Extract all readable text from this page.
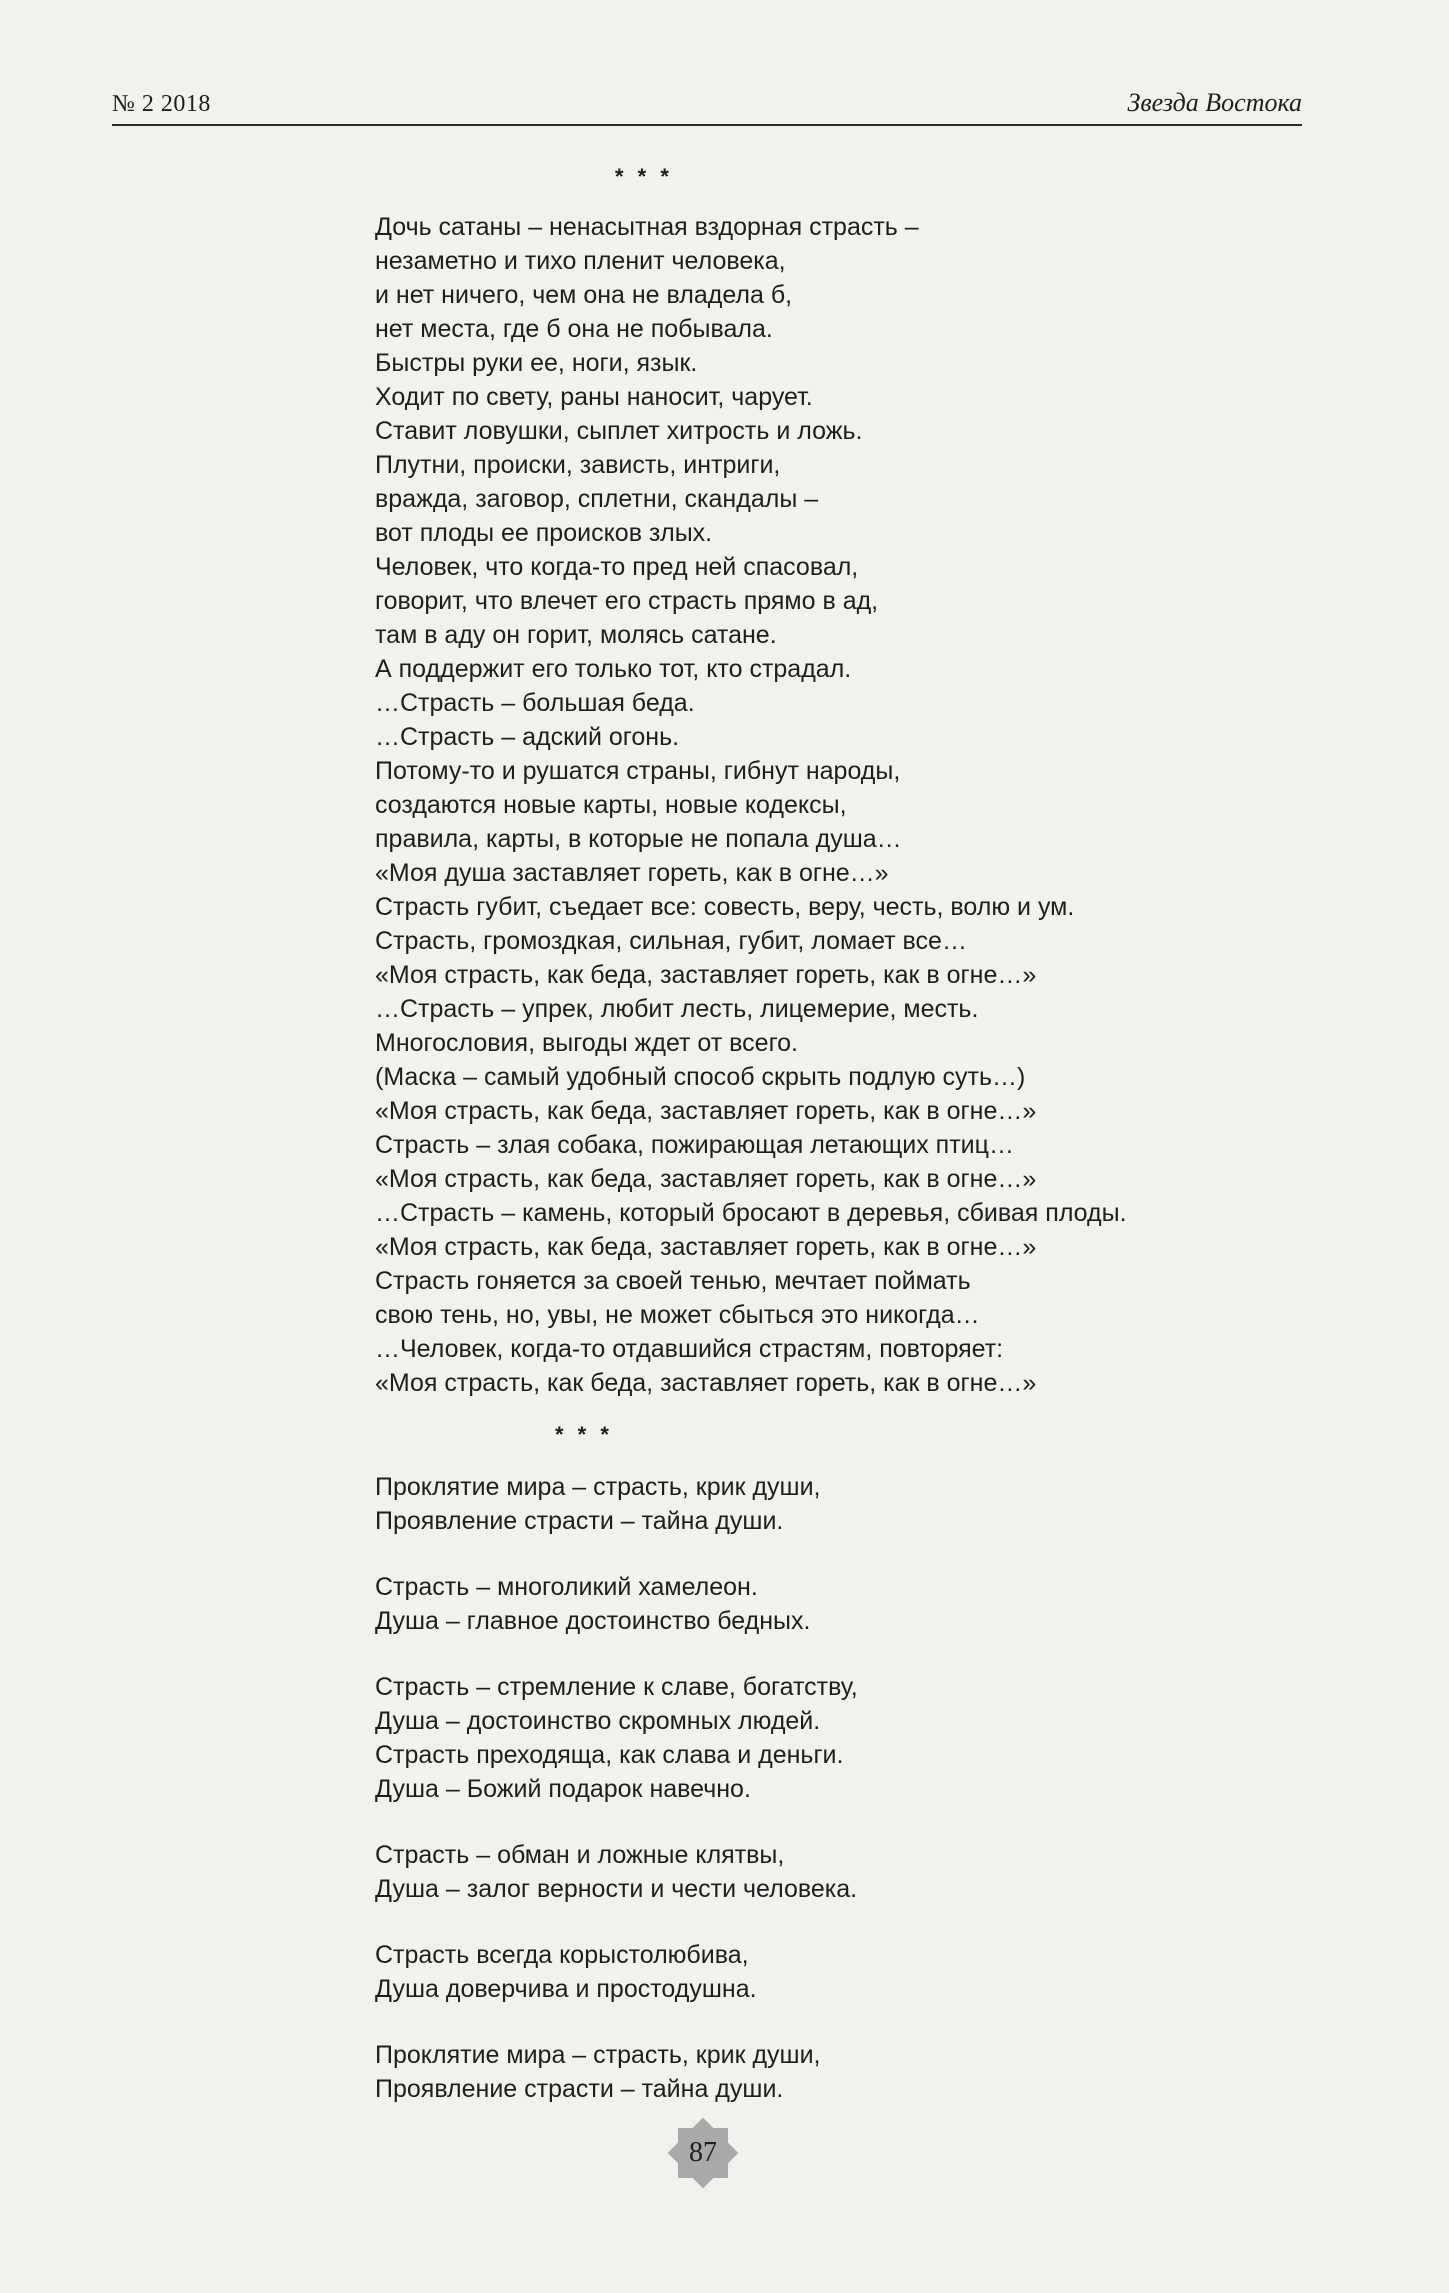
№ 2 2018	Звезда Востока
* * *
Дочь сатаны – ненасытная вздорная страсть –
незаметно и тихо пленит человека,
и нет ничего, чем она не владела б,
нет места, где б она не побывала.
Быстры руки ее, ноги, язык.
Ходит по свету, раны наносит, чарует.
Ставит ловушки, сыплет хитрость и ложь.
Плутни, происки, зависть, интриги,
вражда, заговор, сплетни, скандалы –
вот плоды ее происков злых.
Человек, что когда-то пред ней спасовал,
говорит, что влечет его страсть прямо в ад,
там в аду он горит, молясь сатане.
А поддержит его только тот, кто страдал.
…Страсть – большая беда.
…Страсть – адский огонь.
Потому-то и рушатся страны, гибнут народы,
создаются новые карты, новые кодексы,
правила, карты, в которые не попала душа…
«Моя душа заставляет гореть, как в огне…»
Страсть губит, съедает все: совесть, веру, честь, волю и ум.
Страсть, громоздкая, сильная, губит, ломает все…
«Моя страсть, как беда, заставляет гореть, как в огне…»
…Страсть – упрек, любит лесть, лицемерие, месть.
Многословия, выгоды ждет от всего.
(Маска – самый удобный способ скрыть подлую суть…)
«Моя страсть, как беда, заставляет гореть, как в огне…»
Страсть – злая собака, пожирающая летающих птиц…
«Моя страсть, как беда, заставляет гореть, как в огне…»
…Страсть – камень, который бросают в деревья, сбивая плоды.
«Моя страсть, как беда, заставляет гореть, как в огне…»
Страсть гоняется за своей тенью, мечтает поймать
свою тень, но, увы, не может сбыться это никогда…
…Человек, когда-то отдавшийся страстям, повторяет:
«Моя страсть, как беда, заставляет гореть, как в огне…»
* * *
Проклятие мира – страсть, крик души,
Проявление страсти – тайна души.
Страсть – многоликий хамелеон.
Душа – главное достоинство бедных.
Страсть – стремление к славе, богатству,
Душа – достоинство скромных людей.
Страсть преходяща, как слава и деньги.
Душа – Божий подарок навечно.
Страсть – обман и ложные клятвы,
Душа – залог верности и чести человека.
Страсть всегда корыстолюбива,
Душа доверчива и простодушна.
Проклятие мира – страсть, крик души,
Проявление страсти – тайна души.
87
